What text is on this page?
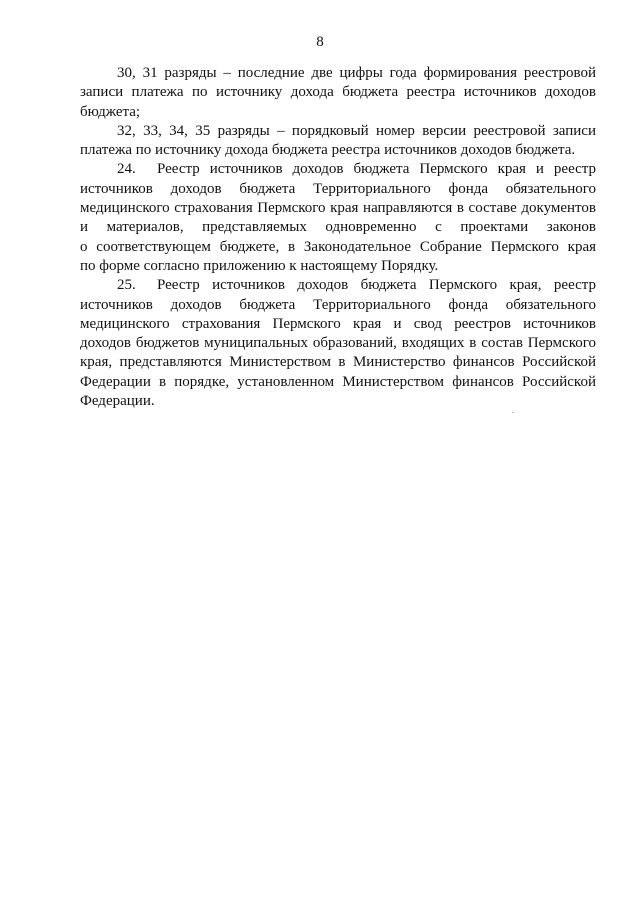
8
30, 31 разряды – последние две цифры года формирования реестровой
записи платежа по источнику дохода бюджета реестра источников доходов
бюджета;
32, 33, 34, 35 разряды – порядковый номер версии реестровой записи
платежа по источнику дохода бюджета реестра источников доходов бюджета.
24. Реестр источников доходов бюджета Пермского края и реестр
источников доходов бюджета Территориального фонда обязательного
медицинского страхования Пермского края направляются в составе документов
и материалов, представляемых одновременно с проектами законов
о соответствующем бюджете, в Законодательное Собрание Пермского края
по форме согласно приложению к настоящему Порядку.
25. Реестр источников доходов бюджета Пермского края, реестр
источников доходов бюджета Территориального фонда обязательного
медицинского страхования Пермского края и свод реестров источников
доходов бюджетов муниципальных образований, входящих в состав Пермского
края, представляются Министерством в Министерство финансов Российской
Федерации в порядке, установленном Министерством финансов Российской
Федерации.
